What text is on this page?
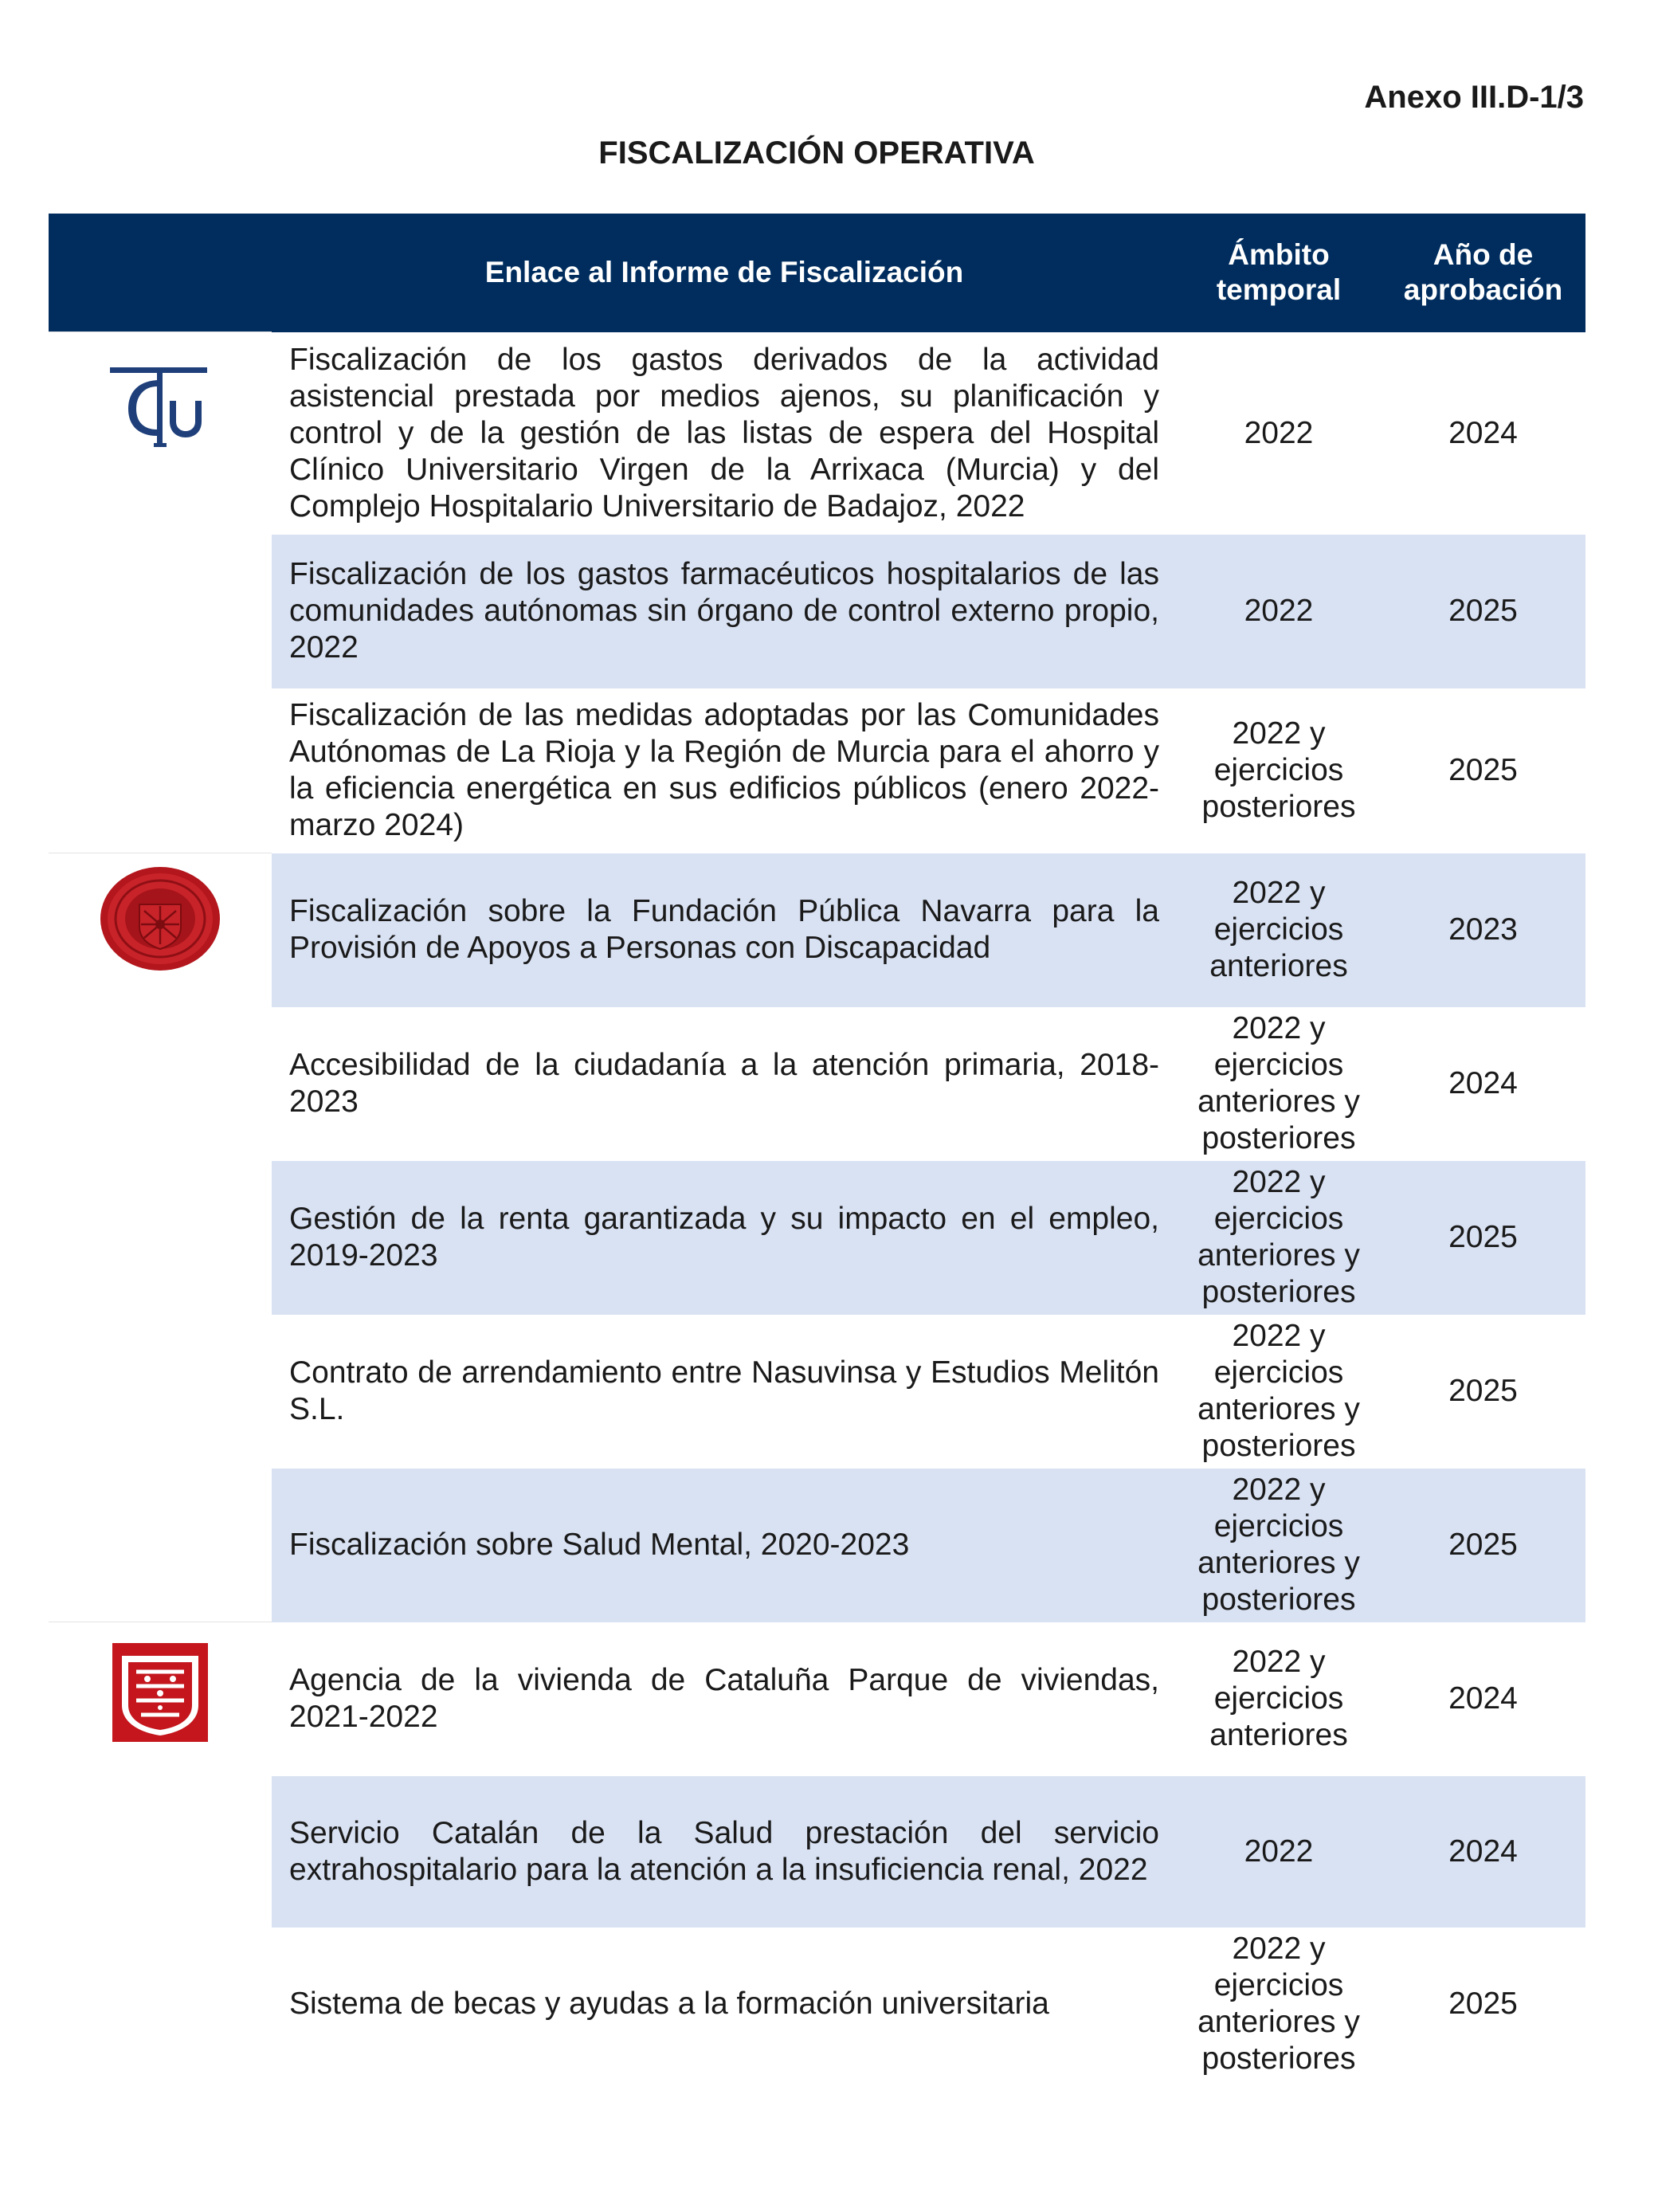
Anexo III.D-1/3
FISCALIZACIÓN OPERATIVA
	Enlace al Informe de Fiscalización	Ámbito temporal	Año de aprobación

	Fiscalización de los gastos derivados de la actividad asistencial prestada por medios ajenos, su planificación y control y de la gestión de las listas de espera del Hospital Clínico Universitario Virgen de la Arrixaca (Murcia) y del Complejo Hospitalario Universitario de Badajoz, 2022	2022	2024
	Fiscalización de los gastos farmacéuticos hospitalarios de las comunidades autónomas sin órgano de control externo propio, 2022	2022	2025
	Fiscalización de las medidas adoptadas por las Comunidades Autónomas de La Rioja y la Región de Murcia para el ahorro y la eficiencia energética en sus edificios públicos (enero 2022-marzo 2024)	2022 y ejercicios posteriores	2025

	Fiscalización sobre la Fundación Pública Navarra para la Provisión de Apoyos a Personas con Discapacidad	2022 y ejercicios anteriores	2023
	Accesibilidad de la ciudadanía a la atención primaria, 2018-2023	2022 y ejercicios anteriores y posteriores	2024
	Gestión de la renta garantizada y su impacto en el empleo, 2019-2023	2022 y ejercicios anteriores y posteriores	2025
	Contrato de arrendamiento entre Nasuvinsa y Estudios Melitón S.L.	2022 y ejercicios anteriores y posteriores	2025
	Fiscalización sobre Salud Mental, 2020-2023	2022 y ejercicios anteriores y posteriores	2025

	Agencia de la vivienda de Cataluña Parque de viviendas, 2021-2022	2022 y ejercicios anteriores	2024
	Servicio Catalán de la Salud prestación del servicio extrahospitalario para la atención a la insuficiencia renal, 2022	2022	2024
	Sistema de becas y ayudas a la formación universitaria	2022 y ejercicios anteriores y posteriores	2025
